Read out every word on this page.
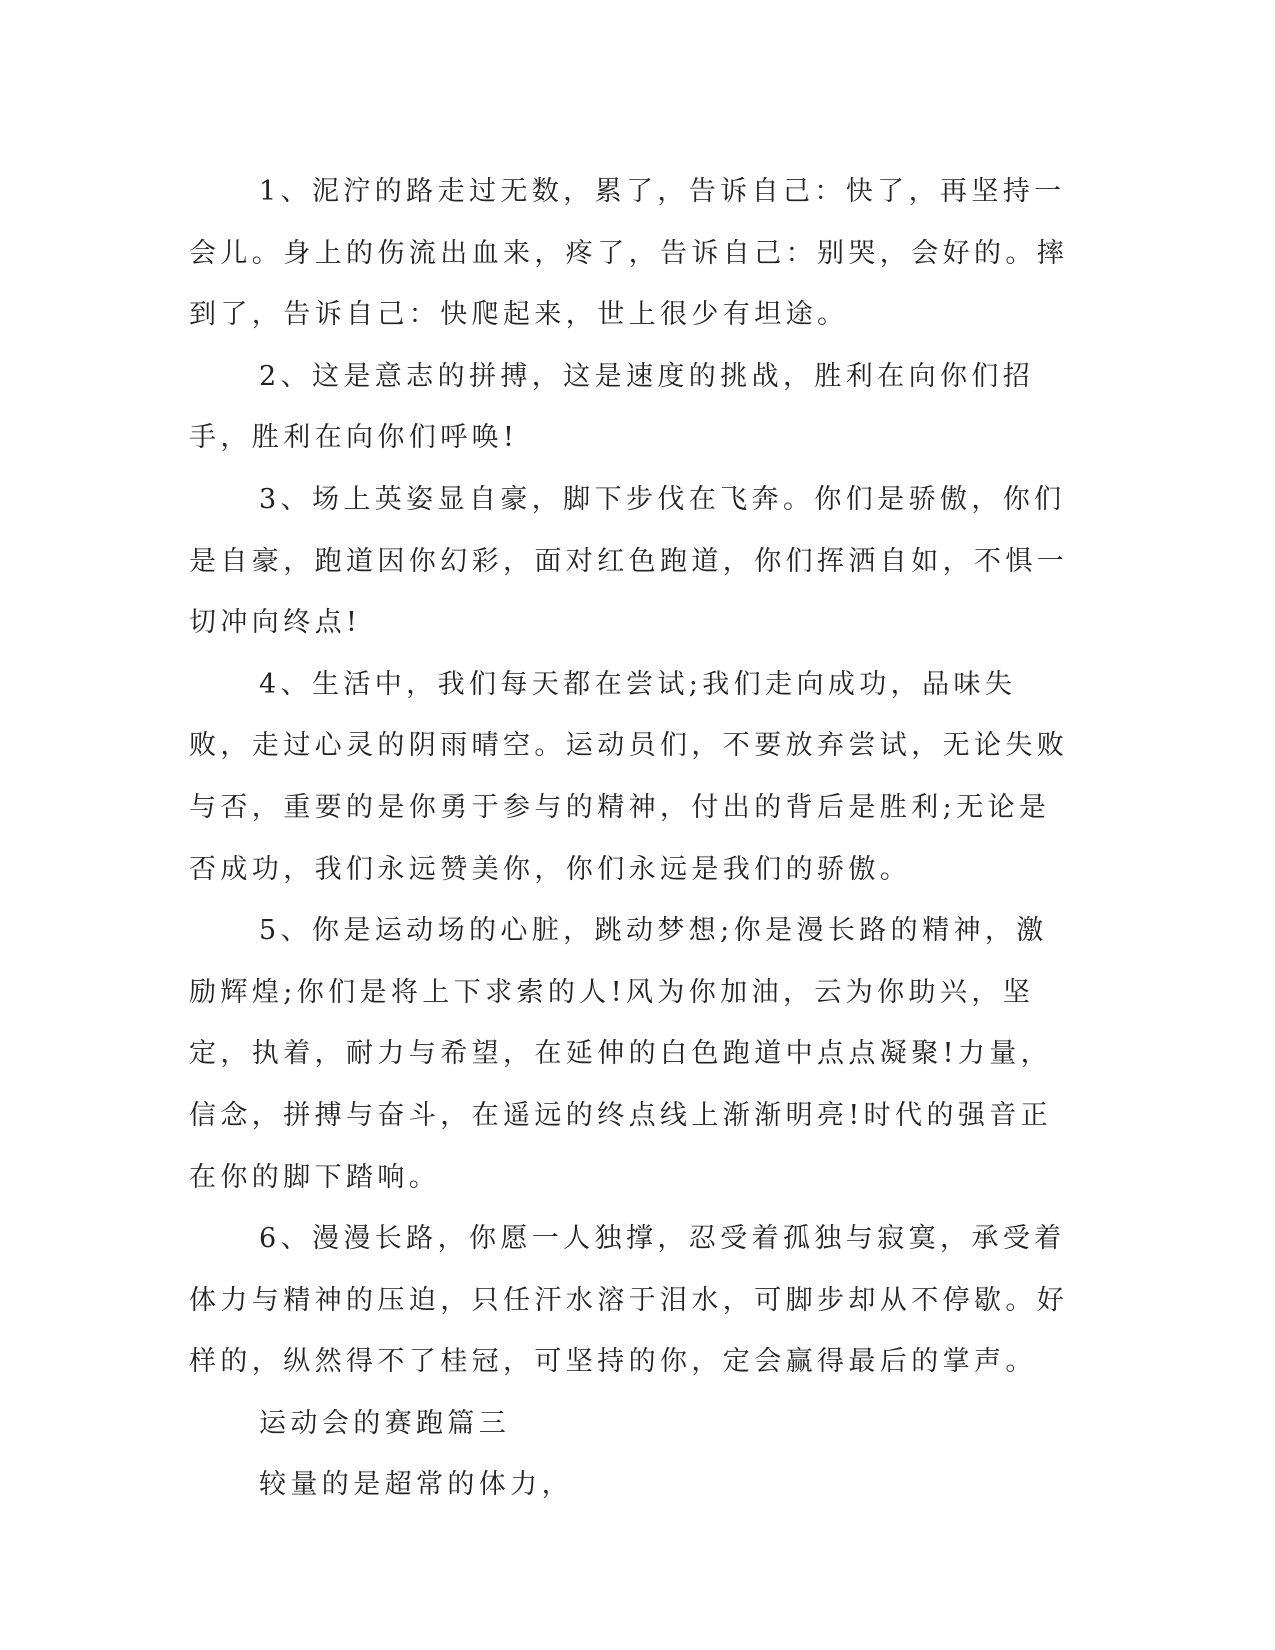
1、泥泞的路走过无数，累了，告诉自己：快了，再坚持一会儿。身上的伤流出血来，疼了，告诉自己：别哭，会好的。摔到了，告诉自己：快爬起来，世上很少有坦途。

2、这是意志的拼搏，这是速度的挑战，胜利在向你们招手，胜利在向你们呼唤!

3、场上英姿显自豪，脚下步伐在飞奔。你们是骄傲，你们是自豪，跑道因你幻彩，面对红色跑道，你们挥洒自如，不惧一切冲向终点!

4、生活中，我们每天都在尝试;我们走向成功，品味失败，走过心灵的阴雨晴空。运动员们，不要放弃尝试，无论失败与否，重要的是你勇于参与的精神，付出的背后是胜利;无论是否成功，我们永远赞美你，你们永远是我们的骄傲。

5、你是运动场的心脏，跳动梦想;你是漫长路的精神，激励辉煌;你们是将上下求索的人!风为你加油，云为你助兴，坚定，执着，耐力与希望，在延伸的白色跑道中点点凝聚!力量，信念，拼搏与奋斗，在遥远的终点线上渐渐明亮!时代的强音正在你的脚下踏响。

6、漫漫长路，你愿一人独撑，忍受着孤独与寂寞，承受着体力与精神的压迫，只任汗水溶于泪水，可脚步却从不停歇。好样的，纵然得不了桂冠，可坚持的你，定会赢得最后的掌声。

运动会的赛跑篇三

较量的是超常的体力，
